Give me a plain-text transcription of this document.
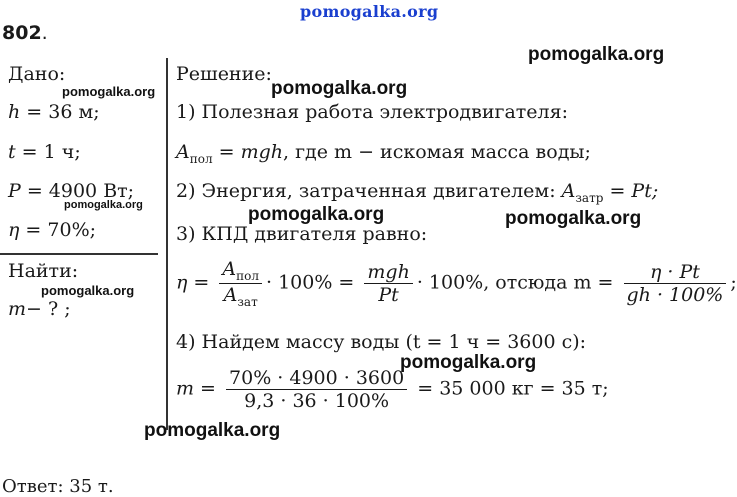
pomogalka.org
802.
Дано:
h = 36 м;
t = 1 ч;
P = 4900 Вт;
η = 70%;
Найти:
m− ? ;
Решение:
1) Полезная работа электродвигателя:
$A_{пол}$ = mgh, где m − искомая масса воды;
2) Энергия, затраченная двигателем: $A_{затр} = Pt$;
3) КПД двигателя равно:
$\eta = \frac{A_{пол}}{A_{зат}} \cdot 100\% = \frac{\text{mgh}}{Pt} \cdot 100\%$, отсюда $m = \frac{\eta \cdot Pt}{gh \cdot 100\%}$ ;
4) Найдем массу воды (t = 1 ч = 3600 с):
$m = \frac{70\% \cdot 4900 \cdot 3600}{9,3 \cdot 36 \cdot 100\%} = 35$ 000 кг = 35 т;
Ответ: 35 т.
pomogalka.org
pomogalka.org
pomogalka.org
pomogalka.org	pomogalka.org	pomogalka.org
pomogalka.org
pomogalka.org
pomogalka.org
